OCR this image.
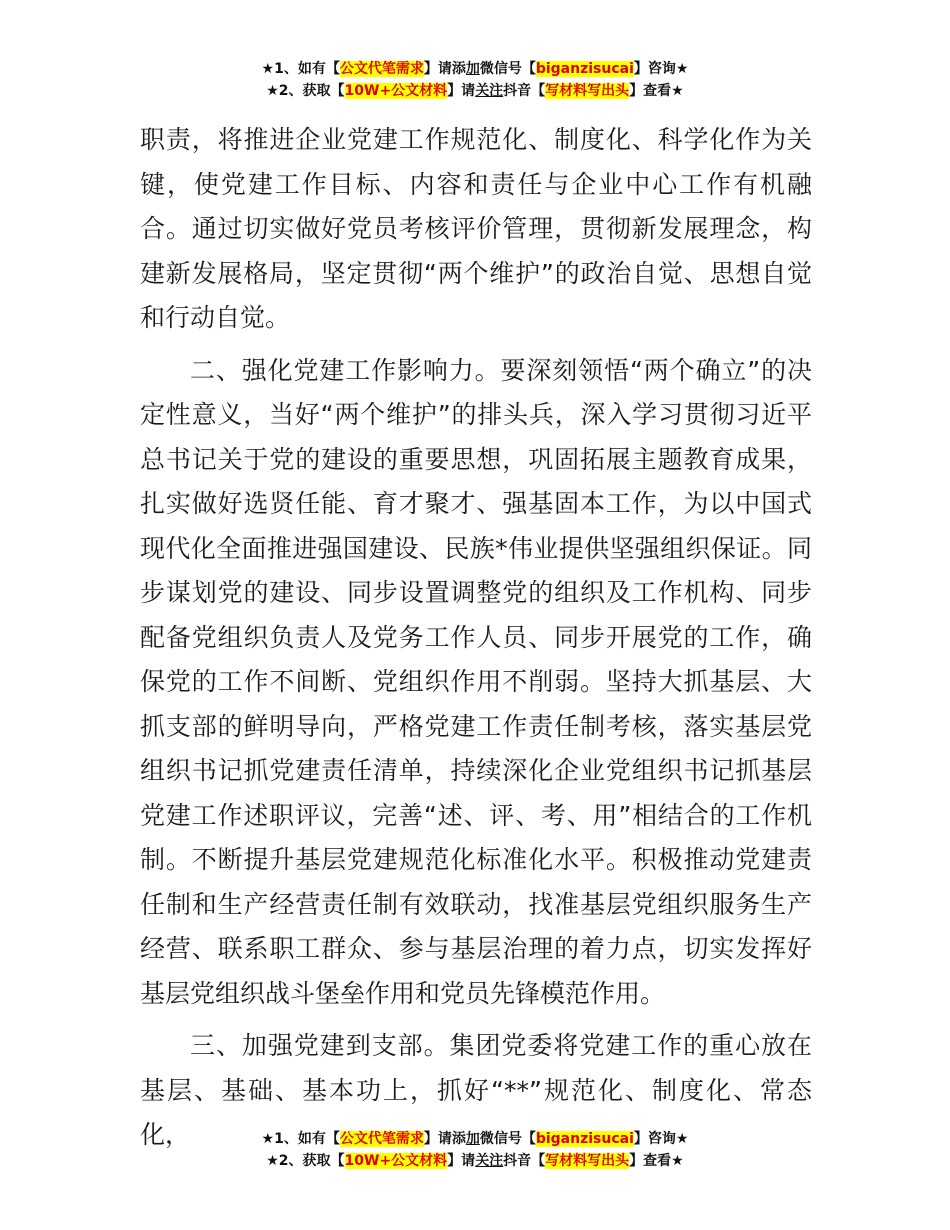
★1、如有【公文代笔需求】请添加微信号【biganzisucai】咨询★
★2、获取【10W+公文材料】请关注抖音【写材料写出头】查看★

职责，将推进企业党建工作规范化、制度化、科学化作为关键，使党建工作目标、内容和责任与企业中心工作有机融合。通过切实做好党员考核评价管理，贯彻新发展理念，构建新发展格局，坚定贯彻“两个维护”的政治自觉、思想自觉和行动自觉。

二、强化党建工作影响力。要深刻领悟“两个确立”的决定性意义，当好“两个维护”的排头兵，深入学习贯彻习近平总书记关于党的建设的重要思想，巩固拓展主题教育成果，扎实做好选贤任能、育才聚才、强基固本工作，为以中国式现代化全面推进强国建设、民族*伟业提供坚强组织保证。同步谋划党的建设、同步设置调整党的组织及工作机构、同步配备党组织负责人及党务工作人员、同步开展党的工作，确保党的工作不间断、党组织作用不削弱。坚持大抓基层、大抓支部的鲜明导向，严格党建工作责任制考核，落实基层党组织书记抓党建责任清单，持续深化企业党组织书记抓基层党建工作述职评议，完善“述、评、考、用”相结合的工作机制。不断提升基层党建规范化标准化水平。积极推动党建责任制和生产经营责任制有效联动，找准基层党组织服务生产经营、联系职工群众、参与基层治理的着力点，切实发挥好基层党组织战斗堡垒作用和党员先锋模范作用。

三、加强党建到支部。集团党委将党建工作的重心放在基层、基础、基本功上，抓好“**”规范化、制度化、常态化，	★1、如有【公文代笔需求】请添加微信号【biganzisucai】咨询★
★2、获取【10W+公文材料】请关注抖音【写材料写出头】查看★
